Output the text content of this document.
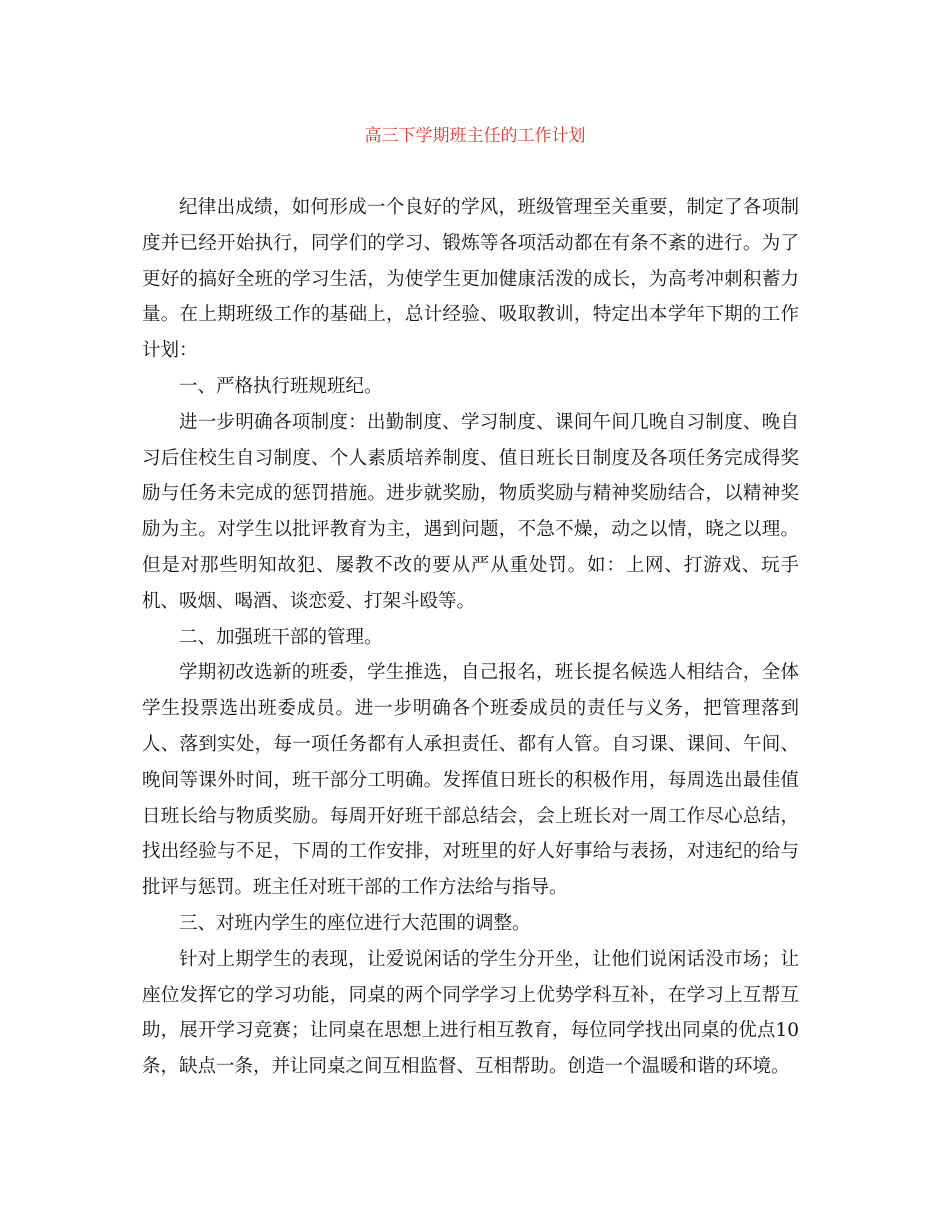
高三下学期班主任的工作计划

纪律出成绩，如何形成一个良好的学风，班级管理至关重要，制定了各项制度并已经开始执行，同学们的学习、锻炼等各项活动都在有条不紊的进行。为了更好的搞好全班的学习生活，为使学生更加健康活泼的成长，为高考冲刺积蓄力量。在上期班级工作的基础上，总计经验、吸取教训，特定出本学年下期的工作计划：

一、严格执行班规班纪。

进一步明确各项制度：出勤制度、学习制度、课间午间几晚自习制度、晚自习后住校生自习制度、个人素质培养制度、值日班长日制度及各项任务完成得奖励与任务未完成的惩罚措施。进步就奖励，物质奖励与精神奖励结合，以精神奖励为主。对学生以批评教育为主，遇到问题，不急不燥，动之以情，晓之以理。但是对那些明知故犯、屡教不改的要从严从重处罚。如：上网、打游戏、玩手机、吸烟、喝酒、谈恋爱、打架斗殴等。

二、加强班干部的管理。

学期初改选新的班委，学生推选，自己报名，班长提名候选人相结合，全体学生投票选出班委成员。进一步明确各个班委成员的责任与义务，把管理落到人、落到实处，每一项任务都有人承担责任、都有人管。自习课、课间、午间、晚间等课外时间，班干部分工明确。发挥值日班长的积极作用，每周选出最佳值日班长给与物质奖励。每周开好班干部总结会，会上班长对一周工作尽心总结，找出经验与不足，下周的工作安排，对班里的好人好事给与表扬，对违纪的给与批评与惩罚。班主任对班干部的工作方法给与指导。

三、对班内学生的座位进行大范围的调整。

针对上期学生的表现，让爱说闲话的学生分开坐，让他们说闲话没市场；让座位发挥它的学习功能，同桌的两个同学学习上优势学科互补，在学习上互帮互助，展开学习竞赛；让同桌在思想上进行相互教育，每位同学找出同桌的优点10条，缺点一条，并让同桌之间互相监督、互相帮助。创造一个温暖和谐的环境。
